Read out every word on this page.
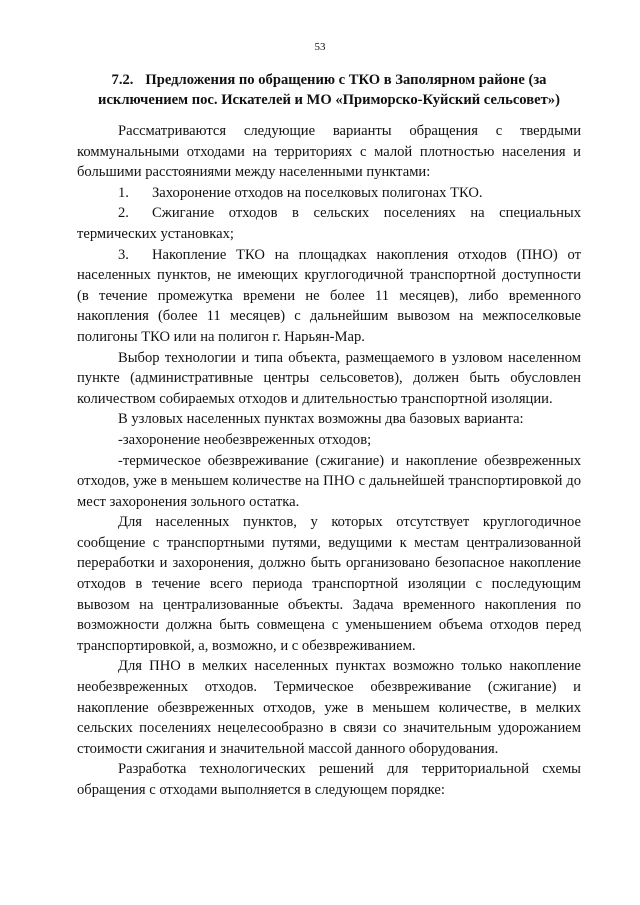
53
7.2. Предложения по обращению с ТКО в Заполярном районе (за исключением пос. Искателей и МО «Приморско-Куйский сельсовет»)

Рассматриваются следующие варианты обращения с твердыми коммунальными отходами на территориях с малой плотностью населения и большими расстояниями между населенными пунктами:

1. Захоронение отходов на поселковых полигонах ТКО.

2. Сжигание отходов в сельских поселениях на специальных термических установках;

3. Накопление ТКО на площадках накопления отходов (ПНО) от населенных пунктов, не имеющих круглогодичной транспортной доступности (в течение промежутка времени не более 11 месяцев), либо временного накопления (более 11 месяцев) с дальнейшим вывозом на межпоселковые полигоны ТКО или на полигон г. Нарьян-Мар.

Выбор технологии и типа объекта, размещаемого в узловом населенном пункте (административные центры сельсоветов), должен быть обусловлен количеством собираемых отходов и длительностью транспортной изоляции.

В узловых населенных пунктах возможны два базовых варианта:

-захоронение необезвреженных отходов;

-термическое обезвреживание (сжигание) и накопление обезвреженных отходов, уже в меньшем количестве на ПНО с дальнейшей транспортировкой до мест захоронения зольного остатка.

Для населенных пунктов, у которых отсутствует круглогодичное сообщение с транспортными путями, ведущими к местам централизованной переработки и захоронения, должно быть организовано безопасное накопление отходов в течение всего периода транспортной изоляции с последующим вывозом на централизованные объекты. Задача временного накопления по возможности должна быть совмещена с уменьшением объема отходов перед транспортировкой, а, возможно, и с обезвреживанием.

Для ПНО в мелких населенных пунктах возможно только накопление необезвреженных отходов. Термическое обезвреживание (сжигание) и накопление обезвреженных отходов, уже в меньшем количестве, в мелких сельских поселениях нецелесообразно в связи со значительным удорожанием стоимости сжигания и значительной массой данного оборудования.

Разработка технологических решений для территориальной схемы обращения с отходами выполняется в следующем порядке:
